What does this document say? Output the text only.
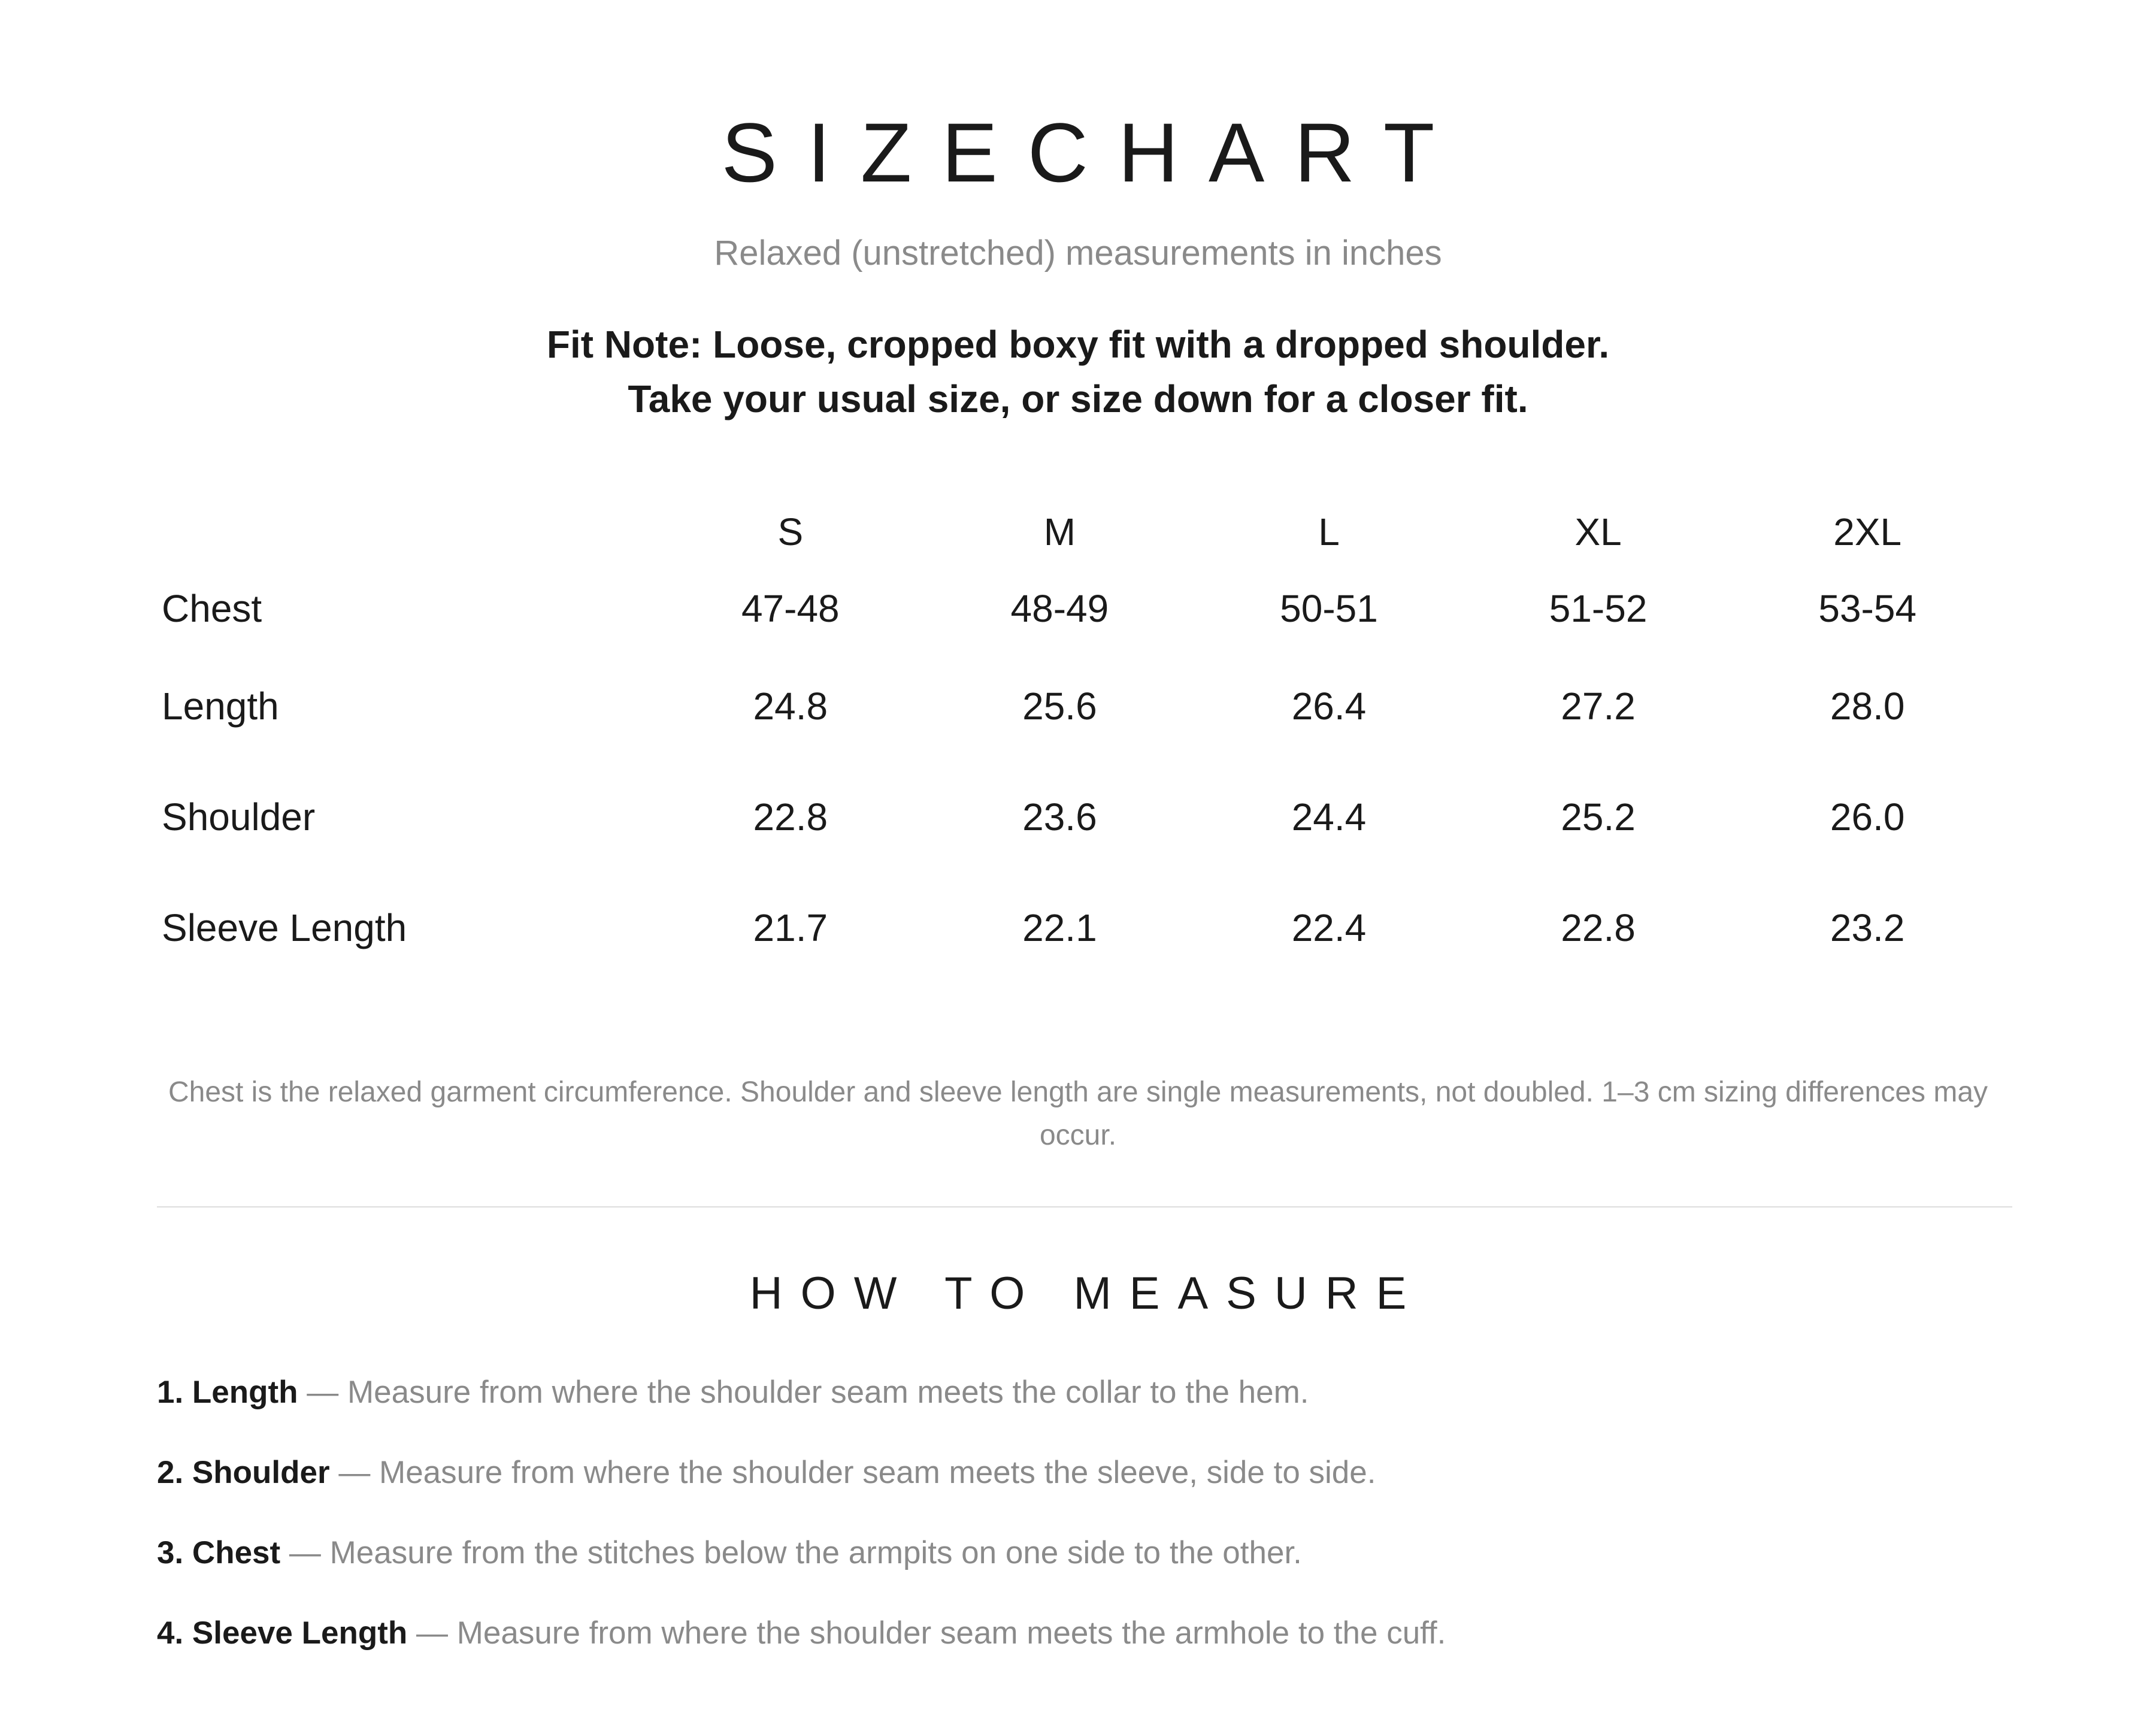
SIZECHART
Relaxed (unstretched) measurements in inches
Fit Note: Loose, cropped boxy fit with a dropped shoulder.
Take your usual size, or size down for a closer fit.
	S	M	L	XL	2XL
Chest	47-48	48-49	50-51	51-52	53-54
Length	24.8	25.6	26.4	27.2	28.0
Shoulder	22.8	23.6	24.4	25.2	26.0
Sleeve Length	21.7	22.1	22.4	22.8	23.2
Chest is the relaxed garment circumference. Shoulder and sleeve length are single measurements, not doubled. 1–3 cm sizing differences may occur.
HOW TO MEASURE
1. Length — Measure from where the shoulder seam meets the collar to the hem.
2. Shoulder — Measure from where the shoulder seam meets the sleeve, side to side.
3. Chest — Measure from the stitches below the armpits on one side to the other.
4. Sleeve Length — Measure from where the shoulder seam meets the armhole to the cuff.
